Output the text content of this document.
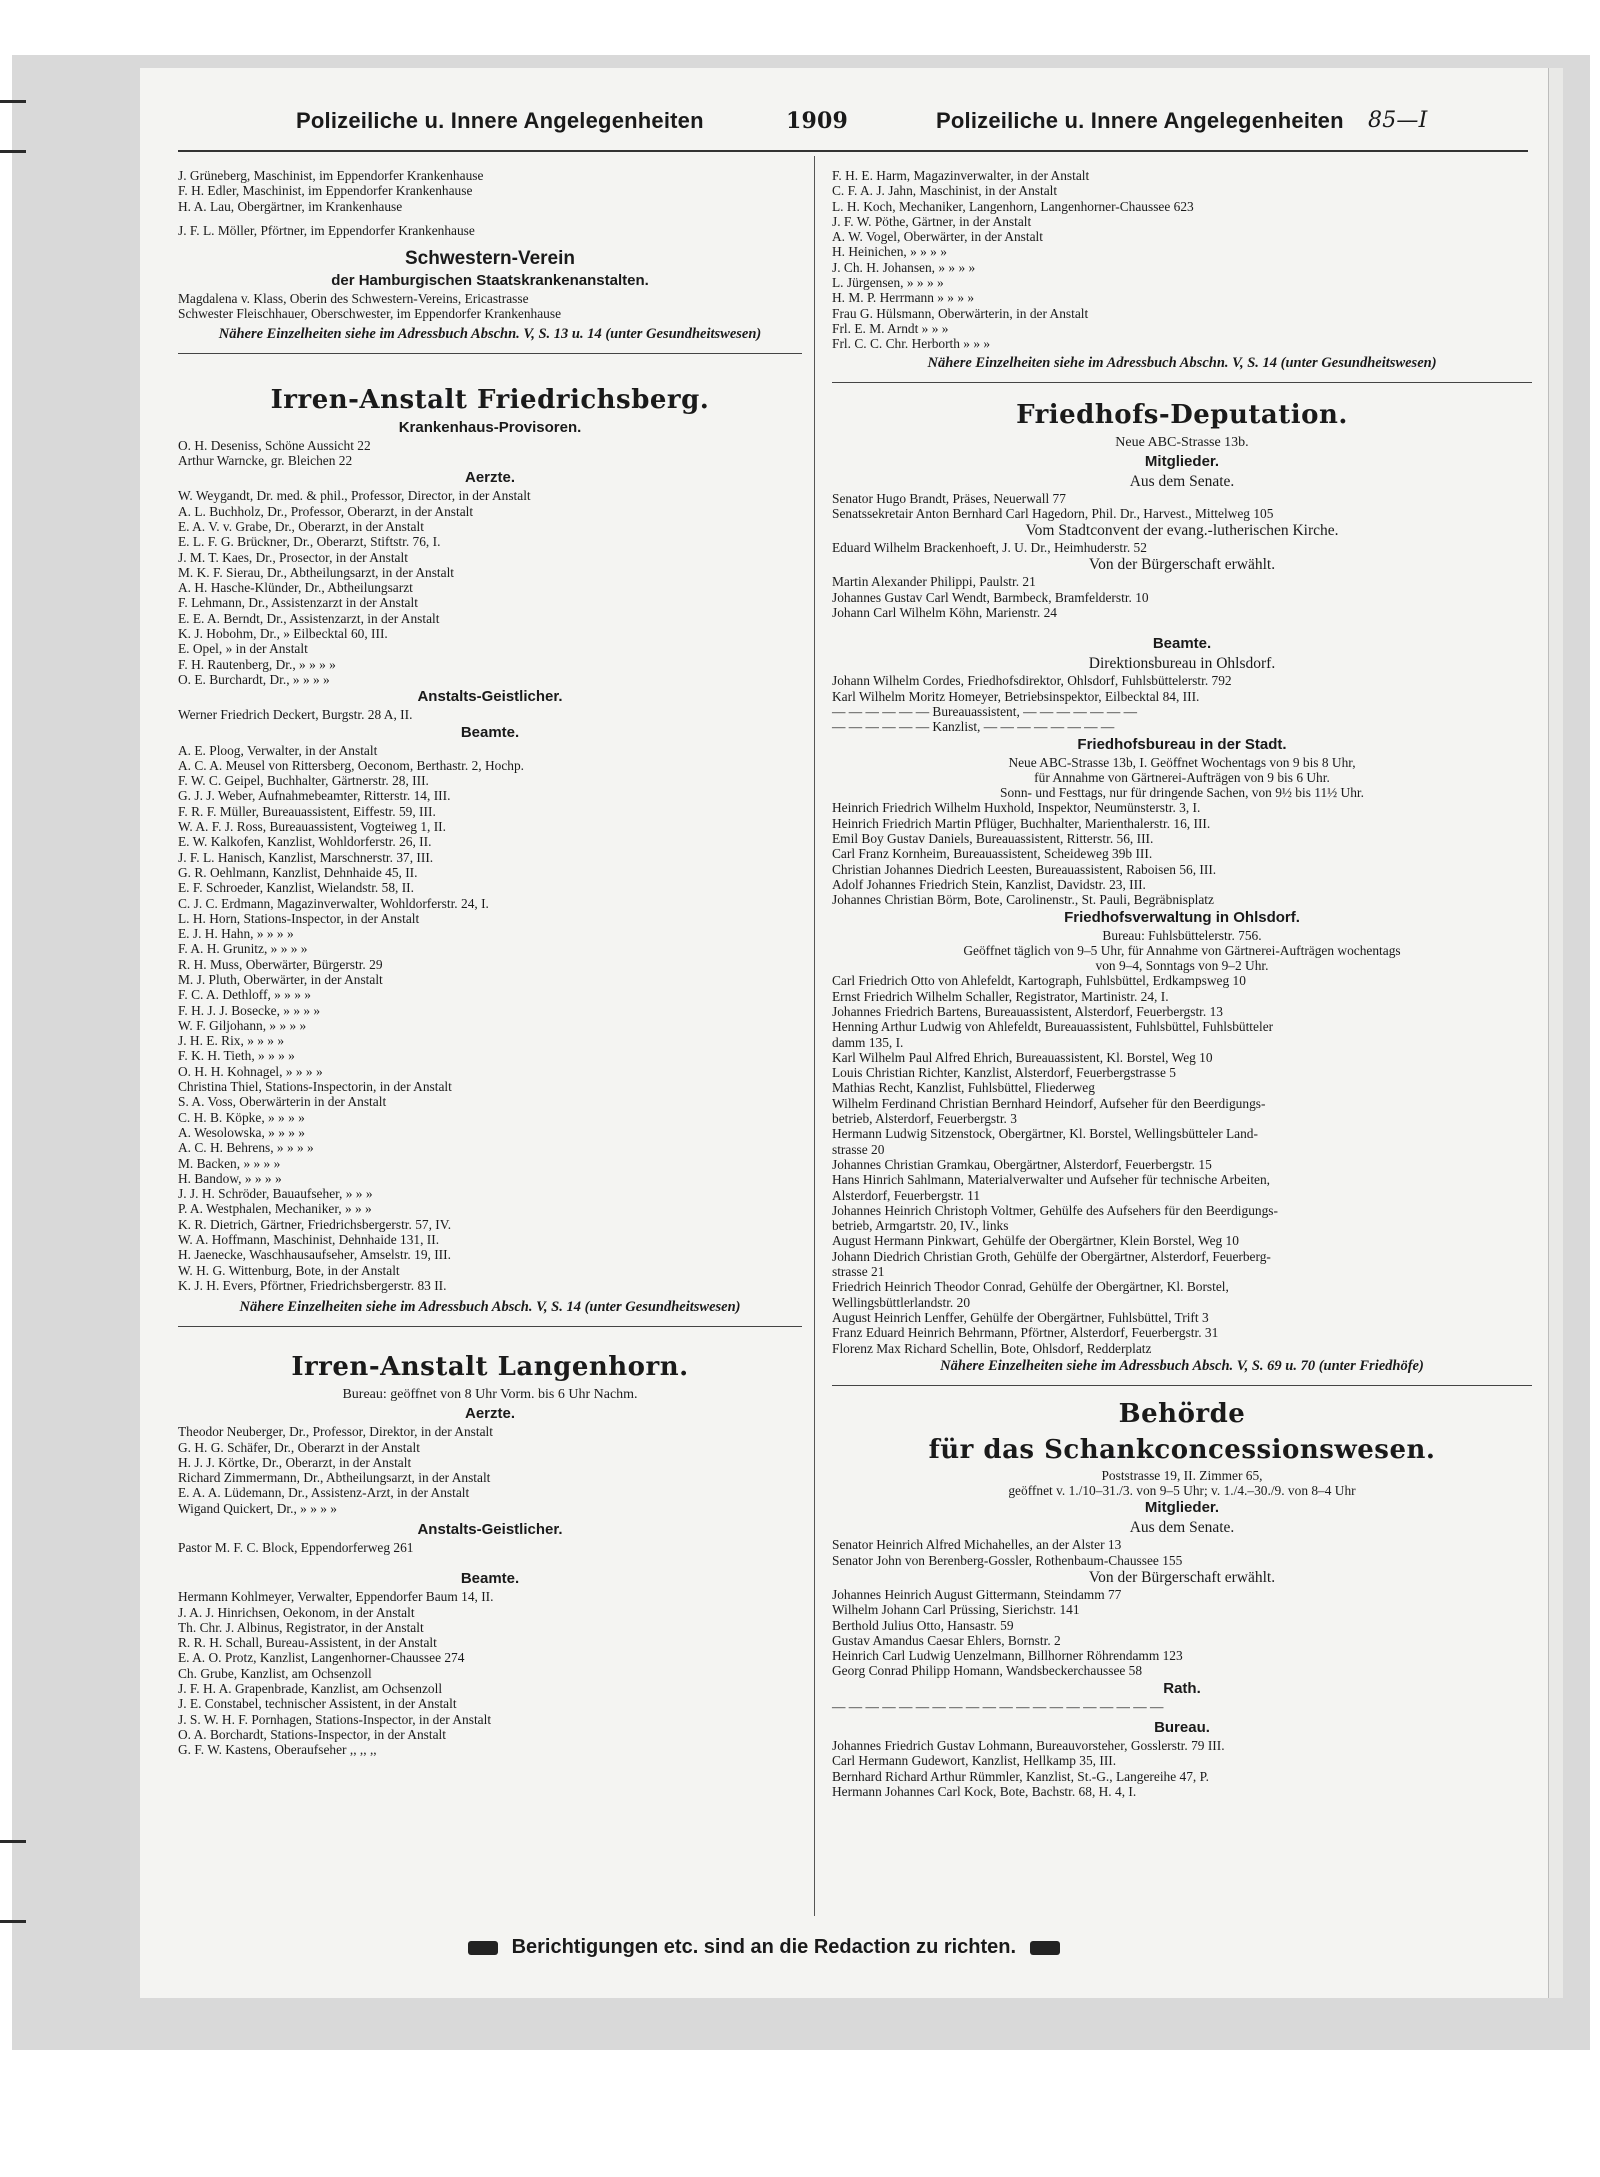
Polizeiliche u. Innere Angelegenheiten	1909	Polizeiliche u. Innere Angelegenheiten 85—I

J. Grüneberg, Maschinist, im Eppendorfer Krankenhause

F. H. Edler, Maschinist, im Eppendorfer Krankenhause

H. A. Lau, Obergärtner, im Krankenhause

J. F. L. Möller, Pförtner, im Eppendorfer Krankenhause

Schwestern-Verein
der Hamburgischen Staatskrankenanstalten.

Magdalena v. Klass, Oberin des Schwestern-Vereins, Ericastrasse

Schwester Fleischhauer, Oberschwester, im Eppendorfer Krankenhause

Nähere Einzelheiten siehe im Adressbuch Abschn. V, S. 13 u. 14 (unter Gesundheitswesen)
Irren-Anstalt Friedrichsberg.
Krankenhaus-Provisoren.

O. H. Deseniss, Schöne Aussicht 22

Arthur Warncke, gr. Bleichen 22

Aerzte.

W. Weygandt, Dr. med. & phil., Professor, Director, in der Anstalt

A. L. Buchholz, Dr., Professor, Oberarzt, in der Anstalt

E. A. V. v. Grabe, Dr., Oberarzt, in der Anstalt

E. L. F. G. Brückner, Dr., Oberarzt, Stiftstr. 76, I.

J. M. T. Kaes, Dr., Prosector, in der Anstalt

M. K. F. Sierau, Dr., Abtheilungsarzt, in der Anstalt

A. H. Hasche-Klünder, Dr., Abtheilungsarzt

F. Lehmann, Dr., Assistenzarzt in der Anstalt

E. E. A. Berndt, Dr., Assistenzarzt, in der Anstalt

K. J. Hobohm, Dr., » Eilbecktal 60, III.

E. Opel, » in der Anstalt

F. H. Rautenberg, Dr., » » » »

O. E. Burchardt, Dr., » » » »

Anstalts-Geistlicher.

Werner Friedrich Deckert, Burgstr. 28 A, II.

Beamte.

A. E. Ploog, Verwalter, in der Anstalt

A. C. A. Meusel von Rittersberg, Oeconom, Berthastr. 2, Hochp.

F. W. C. Geipel, Buchhalter, Gärtnerstr. 28, III.

G. J. J. Weber, Aufnahmebeamter, Ritterstr. 14, III.

F. R. F. Müller, Bureauassistent, Eiffestr. 59, III.

W. A. F. J. Ross, Bureauassistent, Vogteiweg 1, II.

E. W. Kalkofen, Kanzlist, Wohldorferstr. 26, II.

J. F. L. Hanisch, Kanzlist, Marschnerstr. 37, III.

G. R. Oehlmann, Kanzlist, Dehnhaide 45, II.

E. F. Schroeder, Kanzlist, Wielandstr. 58, II.

C. J. C. Erdmann, Magazinverwalter, Wohldorferstr. 24, I.

L. H. Horn, Stations-Inspector, in der Anstalt

E. J. H. Hahn, » » » »

F. A. H. Grunitz, » » » »

R. H. Muss, Oberwärter, Bürgerstr. 29

M. J. Pluth, Oberwärter, in der Anstalt

F. C. A. Dethloff, » » » »

F. H. J. J. Bosecke, » » » »

W. F. Giljohann, » » » »

J. H. E. Rix, » » » »

F. K. H. Tieth, » » » »

O. H. H. Kohnagel, » » » »

Christina Thiel, Stations-Inspectorin, in der Anstalt

S. A. Voss, Oberwärterin in der Anstalt

C. H. B. Köpke, » » » »

A. Wesolowska, » » » »

A. C. H. Behrens, » » » »

M. Backen, » » » »

H. Bandow, » » » »

J. J. H. Schröder, Bauaufseher, » » »

P. A. Westphalen, Mechaniker, » » »

K. R. Dietrich, Gärtner, Friedrichsbergerstr. 57, IV.

W. A. Hoffmann, Maschinist, Dehnhaide 131, II.

H. Jaenecke, Waschhausaufseher, Amselstr. 19, III.

W. H. G. Wittenburg, Bote, in der Anstalt

K. J. H. Evers, Pförtner, Friedrichsbergerstr. 83 II.

Nähere Einzelheiten siehe im Adressbuch Absch. V, S. 14 (unter Gesundheitswesen)
Irren-Anstalt Langenhorn.
Bureau: geöffnet von 8 Uhr Vorm. bis 6 Uhr Nachm.
Aerzte.

Theodor Neuberger, Dr., Professor, Direktor, in der Anstalt

G. H. G. Schäfer, Dr., Oberarzt in der Anstalt

H. J. J. Körtke, Dr., Oberarzt, in der Anstalt

Richard Zimmermann, Dr., Abtheilungsarzt, in der Anstalt

E. A. A. Lüdemann, Dr., Assistenz-Arzt, in der Anstalt

Wigand Quickert, Dr., » » » »

Anstalts-Geistlicher.

Pastor M. F. C. Block, Eppendorferweg 261

Beamte.

Hermann Kohlmeyer, Verwalter, Eppendorfer Baum 14, II.

J. A. J. Hinrichsen, Oekonom, in der Anstalt

Th. Chr. J. Albinus, Registrator, in der Anstalt

R. R. H. Schall, Bureau-Assistent, in der Anstalt

E. A. O. Protz, Kanzlist, Langenhorner-Chaussee 274

Ch. Grube, Kanzlist, am Ochsenzoll

J. F. H. A. Grapenbrade, Kanzlist, am Ochsenzoll

J. E. Constabel, technischer Assistent, in der Anstalt

J. S. W. H. F. Pornhagen, Stations-Inspector, in der Anstalt

O. A. Borchardt, Stations-Inspector, in der Anstalt

G. F. W. Kastens, Oberaufseher ,, ,, ,,

F. H. E. Harm, Magazinverwalter, in der Anstalt

C. F. A. J. Jahn, Maschinist, in der Anstalt

L. H. Koch, Mechaniker, Langenhorn, Langenhorner-Chaussee 623

J. F. W. Pöthe, Gärtner, in der Anstalt

A. W. Vogel, Oberwärter, in der Anstalt

H. Heinichen, » » » »

J. Ch. H. Johansen, » » » »

L. Jürgensen, » » » »

H. M. P. Herrmann » » » »

Frau G. Hülsmann, Oberwärterin, in der Anstalt

Frl. E. M. Arndt » » »

Frl. C. C. Chr. Herborth » » »

Nähere Einzelheiten siehe im Adressbuch Abschn. V, S. 14 (unter Gesundheitswesen)
Friedhofs-Deputation.
Neue ABC-Strasse 13b.
Mitglieder.
Aus dem Senate.

Senator Hugo Brandt, Präses, Neuerwall 77

Senatssekretair Anton Bernhard Carl Hagedorn, Phil. Dr., Harvest., Mittelweg 105

Vom Stadtconvent der evang.-lutherischen Kirche.

Eduard Wilhelm Brackenhoeft, J. U. Dr., Heimhuderstr. 52

Von der Bürgerschaft erwählt.

Martin Alexander Philippi, Paulstr. 21

Johannes Gustav Carl Wendt, Barmbeck, Bramfelderstr. 10

Johann Carl Wilhelm Köhn, Marienstr. 24

Beamte.
Direktionsbureau in Ohlsdorf.

Johann Wilhelm Cordes, Friedhofsdirektor, Ohlsdorf, Fuhlsbüttelerstr. 792

Karl Wilhelm Moritz Homeyer, Betriebsinspektor, Eilbecktal 84, III.

— — — — — — Bureauassistent, — — — — — — —

— — — — — — Kanzlist, — — — — — — — —

Friedhofsbureau in der Stadt.

Neue ABC-Strasse 13b, I. Geöffnet Wochentags von 9 bis 8 Uhr,

für Annahme von Gärtnerei-Aufträgen von 9 bis 6 Uhr.

Sonn- und Festtags, nur für dringende Sachen, von 9½ bis 11½ Uhr.

Heinrich Friedrich Wilhelm Huxhold, Inspektor, Neumünsterstr. 3, I.

Heinrich Friedrich Martin Pflüger, Buchhalter, Marienthalerstr. 16, III.

Emil Boy Gustav Daniels, Bureauassistent, Ritterstr. 56, III.

Carl Franz Kornheim, Bureauassistent, Scheideweg 39b III.

Christian Johannes Diedrich Leesten, Bureauassistent, Raboisen 56, III.

Adolf Johannes Friedrich Stein, Kanzlist, Davidstr. 23, III.

Johannes Christian Börm, Bote, Carolinenstr., St. Pauli, Begräbnisplatz

Friedhofsverwaltung in Ohlsdorf.

Bureau: Fuhlsbüttelerstr. 756.

Geöffnet täglich von 9–5 Uhr, für Annahme von Gärtnerei-Aufträgen wochentags

von 9–4, Sonntags von 9–2 Uhr.

Carl Friedrich Otto von Ahlefeldt, Kartograph, Fuhlsbüttel, Erdkampsweg 10

Ernst Friedrich Wilhelm Schaller, Registrator, Martinistr. 24, I.

Johannes Friedrich Bartens, Bureauassistent, Alsterdorf, Feuerbergstr. 13

Henning Arthur Ludwig von Ahlefeldt, Bureauassistent, Fuhlsbüttel, Fuhlsbütteler

damm 135, I.

Karl Wilhelm Paul Alfred Ehrich, Bureauassistent, Kl. Borstel, Weg 10

Louis Christian Richter, Kanzlist, Alsterdorf, Feuerbergstrasse 5

Mathias Recht, Kanzlist, Fuhlsbüttel, Fliederweg

Wilhelm Ferdinand Christian Bernhard Heindorf, Aufseher für den Beerdigungs-

betrieb, Alsterdorf, Feuerbergstr. 3

Hermann Ludwig Sitzenstock, Obergärtner, Kl. Borstel, Wellingsbütteler Land-

strasse 20

Johannes Christian Gramkau, Obergärtner, Alsterdorf, Feuerbergstr. 15

Hans Hinrich Sahlmann, Materialverwalter und Aufseher für technische Arbeiten,

Alsterdorf, Feuerbergstr. 11

Johannes Heinrich Christoph Voltmer, Gehülfe des Aufsehers für den Beerdigungs-

betrieb, Armgartstr. 20, IV., links

August Hermann Pinkwart, Gehülfe der Obergärtner, Klein Borstel, Weg 10

Johann Diedrich Christian Groth, Gehülfe der Obergärtner, Alsterdorf, Feuerberg-

strasse 21

Friedrich Heinrich Theodor Conrad, Gehülfe der Obergärtner, Kl. Borstel,

Wellingsbüttlerlandstr. 20

August Heinrich Lenffer, Gehülfe der Obergärtner, Fuhlsbüttel, Trift 3

Franz Eduard Heinrich Behrmann, Pförtner, Alsterdorf, Feuerbergstr. 31

Florenz Max Richard Schellin, Bote, Ohlsdorf, Redderplatz

Nähere Einzelheiten siehe im Adressbuch Absch. V, S. 69 u. 70 (unter Friedhöfe)
Behörde
für das Schankconcessionswesen.

Poststrasse 19, II. Zimmer 65,

geöffnet v. 1./10–31./3. von 9–5 Uhr; v. 1./4.–30./9. von 8–4 Uhr

Mitglieder.
Aus dem Senate.

Senator Heinrich Alfred Michahelles, an der Alster 13

Senator John von Berenberg-Gossler, Rothenbaum-Chaussee 155

Von der Bürgerschaft erwählt.

Johannes Heinrich August Gittermann, Steindamm 77

Wilhelm Johann Carl Prüssing, Sierichstr. 141

Berthold Julius Otto, Hansastr. 59

Gustav Amandus Caesar Ehlers, Bornstr. 2

Heinrich Carl Ludwig Uenzelmann, Billhorner Röhrendamm 123

Georg Conrad Philipp Homann, Wandsbeckerchaussee 58

Rath.

— — — — — — — — — — — — — — — — — — — —

Bureau.

Johannes Friedrich Gustav Lohmann, Bureauvorsteher, Gosslerstr. 79 III.

Carl Hermann Gudewort, Kanzlist, Hellkamp 35, III.

Bernhard Richard Arthur Rümmler, Kanzlist, St.-G., Langereihe 47, P.

Hermann Johannes Carl Kock, Bote, Bachstr. 68, H. 4, I.

Berichtigungen etc. sind an die Redaction zu richten.
